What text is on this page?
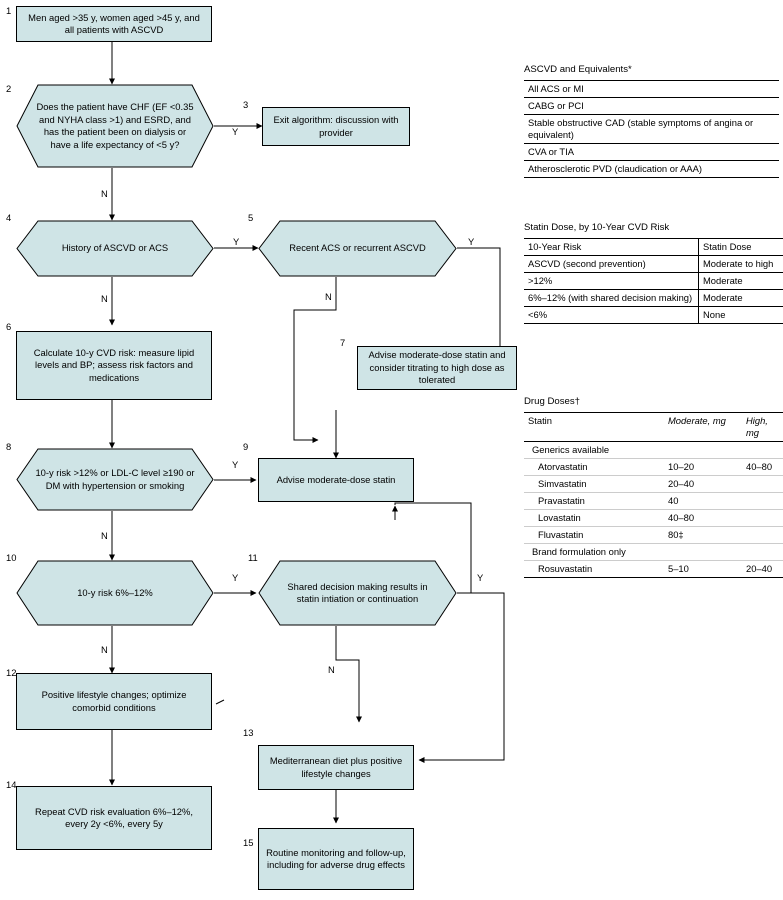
1
Men aged >35 y, women aged >45 y, and all patients with ASCVD
2
Does the patient have CHF (EF <0.35 and NYHA class >1) and ESRD, and has the patient been on dialysis or have a life expectancy of <5 y?
3
Exit algorithm: discussion with provider
Y
N
4
History of ASCVD or ACS
Y
N
5
Recent ACS or recurrent ASCVD
Y
N
6
Calculate 10-y CVD risk: measure lipid levels and BP; assess risk factors and medications
7
Advise moderate-dose statin and consider titrating to high dose as tolerated
8
10-y risk >12% or LDL-C level ≥190 or DM with hypertension or smoking
Y
N
9
Advise moderate-dose statin
10
10-y risk 6%–12%
Y
N
11
Shared decision making results in statin intiation or continuation
Y
N
12
Positive lifestyle changes; optimize comorbid conditions
13
Mediterranean diet plus positive lifestyle changes
14
Repeat CVD risk evaluation 6%–12%, every 2y <6%, every 5y
15
Routine monitoring and follow-up, including for adverse drug effects
ASCVD and Equivalents*
All ACS or MI
CABG or PCI
Stable obstructive CAD (stable symptoms of angina or equivalent)
CVA or TIA
Atherosclerotic PVD (claudication or AAA)
Statin Dose, by 10-Year CVD Risk
10-Year Risk	Statin Dose
ASCVD (second prevention)	Moderate to high
>12%	Moderate
6%–12% (with shared decision making)	Moderate
<6%	None
Drug Doses†
Statin	Moderate, mg	High, mg
Generics available		
Atorvastatin	10–20	40–80
Simvastatin	20–40	
Pravastatin	40	
Lovastatin	40–80	
Fluvastatin	80‡	
Brand formulation only		
Rosuvastatin	5–10	20–40
